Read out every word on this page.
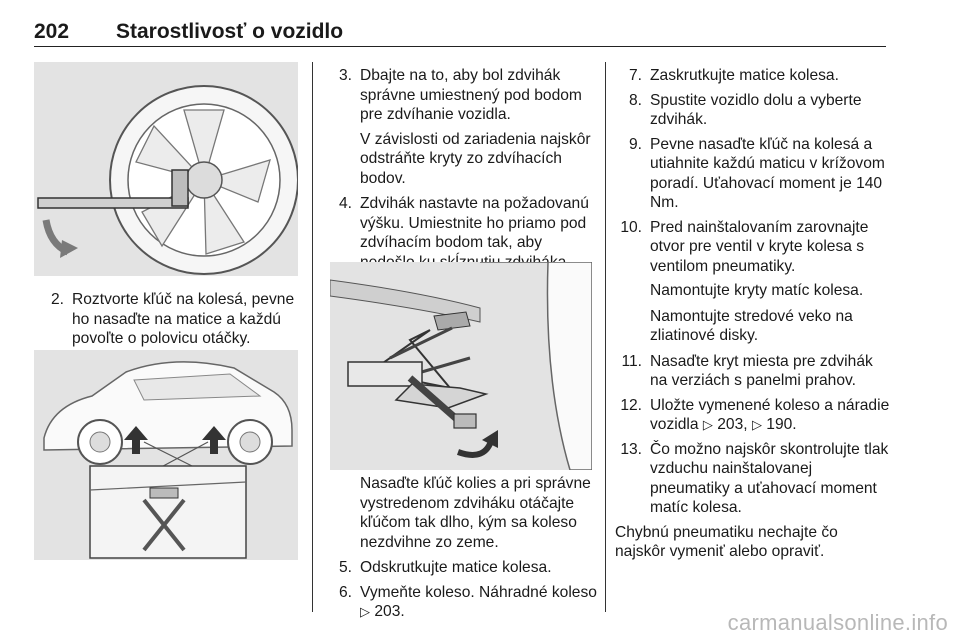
202 Starostlivosť o vozidlo
2. Roztvorte kľúč na kolesá, pevne ho nasaďte na matice a každú povoľte o polovicu otáčky.
3. Dbajte na to, aby bol zdvihák správne umiestnený pod bodom pre zdvíhanie vozidla.
V závislosti od zariadenia najskôr odstráňte kryty zo zdvíhacích bodov.
4. Zdvihák nastavte na požadovanú výšku. Umiestnite ho priamo pod zdvíhacím bodom tak, aby
Nasaďte kľúč kolies a pri správne vystredenom zdviháku otáčajte kľúčom tak dlho, kým sa koleso nezdvihne zo zeme.
5. Odskrutkujte matice kolesa.
6. Vymeňte koleso. Náhradné koleso ▷ 203.
7. Zaskrutkujte matice kolesa.
8. Spustite vozidlo dolu a vyberte zdvihák.
9. Pevne nasaďte kľúč na kolesá a utiahnite každú maticu v krížovom poradí. Uťahovací moment je 140 Nm.
10. Pred nainštalovaním zarovnajte otvor pre ventil v kryte kolesa s ventilom pneumatiky.
Namontujte kryty matíc kolesa.
Namontujte stredové veko na zliatinové disky.
11. Nasaďte kryt miesta pre zdvihák na verziách s panelmi prahov.
12. Uložte vymenené koleso a náradie vozidla ▷ 203, ▷ 190.
13. Čo možno najskôr skontrolujte tlak vzduchu nainštalovanej pneumatiky a uťahovací moment matíc kolesa.
Chybnú pneumatiku nechajte čo najskôr vymeniť alebo opraviť.
carmanualsonline.info
